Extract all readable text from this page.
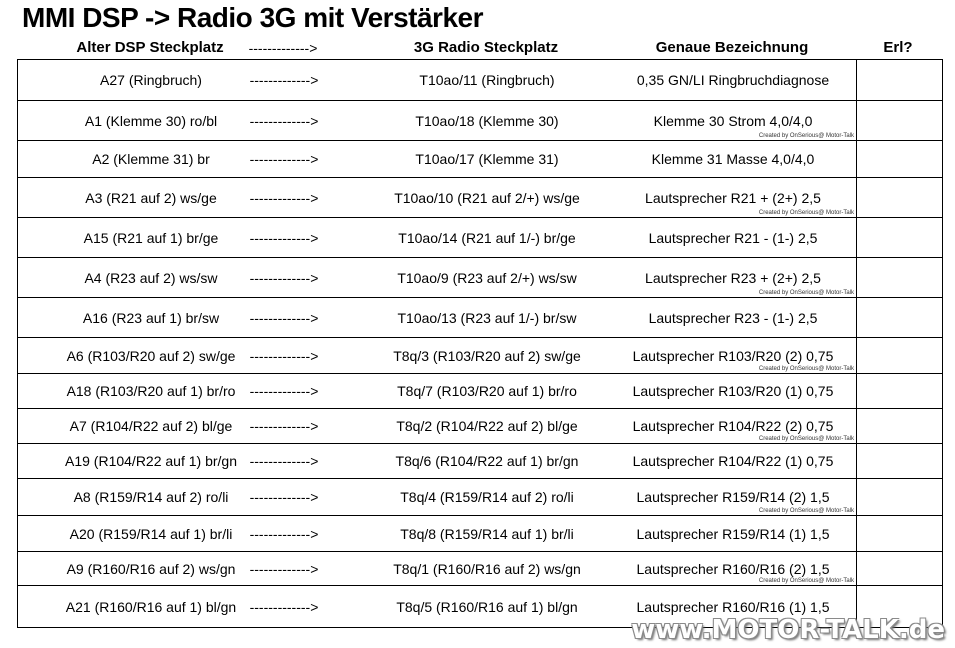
MMI DSP -> Radio 3G mit Verstärker
Alter DSP Steckplatz	------------->	3G Radio Steckplatz	Genaue Bezeichnung	Erl?
A27 (Ringbruch)	------------->	T10ao/11 (Ringbruch)	0,35 GN/LI Ringbruchdiagnose
A1 (Klemme 30) ro/bl	------------->	T10ao/18 (Klemme 30)	Klemme 30 Strom 4,0/4,0
Created by OnSerious@ Motor-Talk
A2 (Klemme 31) br	------------->	T10ao/17 (Klemme 31)	Klemme 31 Masse 4,0/4,0
A3 (R21 auf 2) ws/ge	------------->	T10ao/10 (R21 auf 2/+) ws/ge	Lautsprecher R21 + (2+) 2,5
Created by OnSerious@ Motor-Talk
A15 (R21 auf 1) br/ge	------------->	T10ao/14 (R21 auf 1/-) br/ge	Lautsprecher R21 - (1-) 2,5
A4 (R23 auf 2) ws/sw	------------->	T10ao/9 (R23 auf 2/+) ws/sw	Lautsprecher R23 + (2+) 2,5
Created by OnSerious@ Motor-Talk
A16 (R23 auf 1) br/sw	------------->	T10ao/13 (R23 auf 1/-) br/sw	Lautsprecher R23 - (1-) 2,5
A6 (R103/R20 auf 2) sw/ge	------------->	T8q/3 (R103/R20 auf 2) sw/ge	Lautsprecher R103/R20 (2) 0,75
Created by OnSerious@ Motor-Talk
A18 (R103/R20 auf 1) br/ro	------------->	T8q/7 (R103/R20 auf 1) br/ro	Lautsprecher R103/R20 (1) 0,75
A7 (R104/R22 auf 2) bl/ge	------------->	T8q/2 (R104/R22 auf 2) bl/ge	Lautsprecher R104/R22 (2) 0,75
Created by OnSerious@ Motor-Talk
A19 (R104/R22 auf 1) br/gn ------------->	T8q/6 (R104/R22 auf 1) br/gn	Lautsprecher R104/R22 (1) 0,75
A8 (R159/R14 auf 2) ro/li	------------->	T8q/4 (R159/R14 auf 2) ro/li	Lautsprecher R159/R14 (2) 1,5
Created by OnSerious@ Motor-Talk
A20 (R159/R14 auf 1) br/li	------------->	T8q/8 (R159/R14 auf 1) br/li	Lautsprecher R159/R14 (1) 1,5
A9 (R160/R16 auf 2) ws/gn	------------->	T8q/1 (R160/R16 auf 2) ws/gn	Lautsprecher R160/R16 (2) 1,5
Created by OnSerious@ Motor-Talk
A21 (R160/R16 auf 1) bl/gn ------------->	T8q/5 (R160/R16 auf 1) bl/gn	Lautsprecher R160/R16 (1) 1,5
www.MOTOR-TALK.de
